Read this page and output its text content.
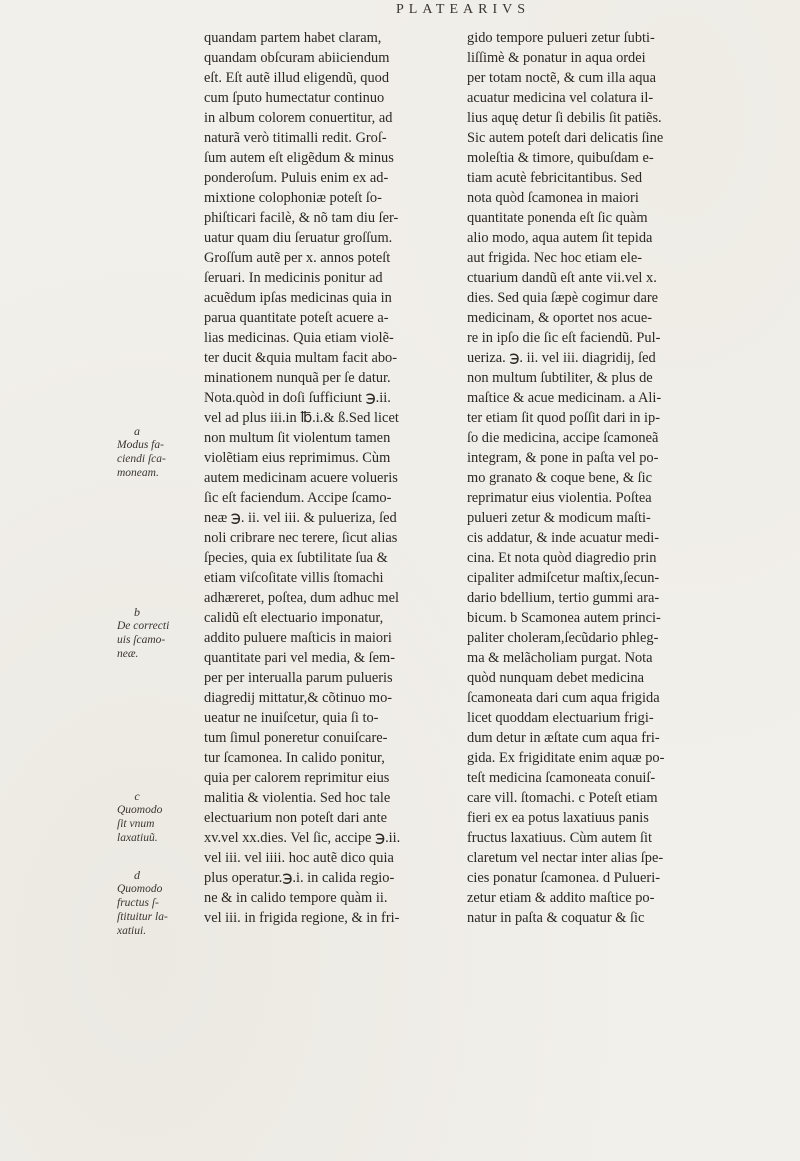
PLATEARIVS
a
Modus fa-
ciendi ſca-
moneam.
b
De correcti
uis ſcamo-
neæ.
c
Quomodo
ſit vnum
laxatiuũ.
d
Quomodo
fructus ſ-
ſtituitur la-
xatiui.
quandam partem habet claram,
quandam obſcuram abiiciendum
eſt. Eſt autẽ illud eligendũ, quod
cum ſputo humectatur continuo
in album colorem conuertitur, ad
naturã verò titimalli redit. Groſ-
ſum autem eſt eligẽdum & minus
ponderoſum. Puluis enim ex ad-
mixtione colophoniæ poteſt ſo-
phiſticari facilè, & nõ tam diu ſer-
uatur quam diu ſeruatur groſſum.
Groſſum autẽ per x. annos poteſt
ſeruari. In medicinis ponitur ad
acuẽdum ipſas medicinas quia in
parua quantitate poteſt acuere a-
lias medicinas. Quia etiam violẽ-
ter ducit &quia multam facit abo-
minationem nunquã per ſe datur.
Nota.quòd in doſi ſufficiunt ℈.ii.
vel ad plus iii.in ℔.i.& ß.Sed licet
non multum ſit violentum tamen
violẽtiam eius reprimimus. Cùm
autem medicinam acuere volueris
ſic eſt faciendum. Accipe ſcamo-
neæ ℈. ii. vel iii. & pulueriza, ſed
noli cribrare nec terere, ſicut alias
ſpecies, quia ex ſubtilitate ſua &
etiam viſcoſitate villis ſtomachi
adhæreret, poſtea, dum adhuc mel
calidũ eſt electuario imponatur,
addito puluere maſticis in maiori
quantitate pari vel media, & ſem-
per per interualla parum pulueris
diagredij mittatur,& cõtinuo mo-
ueatur ne inuiſcetur, quia ſi to-
tum ſimul poneretur conuiſcare-
tur ſcamonea. In calido ponitur,
quia per calorem reprimitur eius
malitia & violentia. Sed hoc tale
electuarium non poteſt dari ante
xv.vel xx.dies. Vel ſic, accipe ℈.ii.
vel iii. vel iiii. hoc autẽ dico quia
plus operatur.℈.i. in calida regio-
ne & in calido tempore quàm ii.
vel iii. in frigida regione, & in fri-
gido tempore pulueri zetur ſubti-
liſſimè & ponatur in aqua ordei
per totam noctẽ, & cum illa aqua
acuatur medicina vel colatura il-
lius aquę detur ſi debilis ſit patiẽs.
Sic autem poteſt dari delicatis ſine
moleſtia & timore, quibuſdam e-
tiam acutè febricitantibus. Sed
nota quòd ſcamonea in maiori
quantitate ponenda eſt ſic quàm
alio modo, aqua autem ſit tepida
aut frigida. Nec hoc etiam ele-
ctuarium dandũ eſt ante vii.vel x.
dies. Sed quia ſæpè cogimur dare
medicinam, & oportet nos acue-
re in ipſo die ſic eſt faciendũ. Pul-
ueriza. ℈. ii. vel iii. diagridij, ſed
non multum ſubtiliter, & plus de
maſtice & acue medicinam. a Ali-
ter etiam ſit quod poſſit dari in ip-
ſo die medicina, accipe ſcamoneã
integram, & pone in paſta vel po-
mo granato & coque bene, & ſic
reprimatur eius violentia. Poſtea
pulueri zetur & modicum maſti-
cis addatur, & inde acuatur medi-
cina. Et nota quòd diagredio prin
cipaliter admiſcetur maſtix,ſecun-
dario bdellium, tertio gummi ara-
bicum. b Scamonea autem princi-
paliter choleram,ſecũdario phleg-
ma & melãcholiam purgat. Nota
quòd nunquam debet medicina
ſcamoneata dari cum aqua frigida
licet quoddam electuarium frigi-
dum detur in æſtate cum aqua fri-
gida. Ex frigiditate enim aquæ po-
teſt medicina ſcamoneata conuiſ-
care vill. ſtomachi. c Poteſt etiam
fieri ex ea potus laxatiuus panis
fructus laxatiuus. Cùm autem ſit
claretum vel nectar inter alias ſpe-
cies ponatur ſcamonea. d Pulueri-
zetur etiam & addito maſtice po-
natur in paſta & coquatur & ſic
